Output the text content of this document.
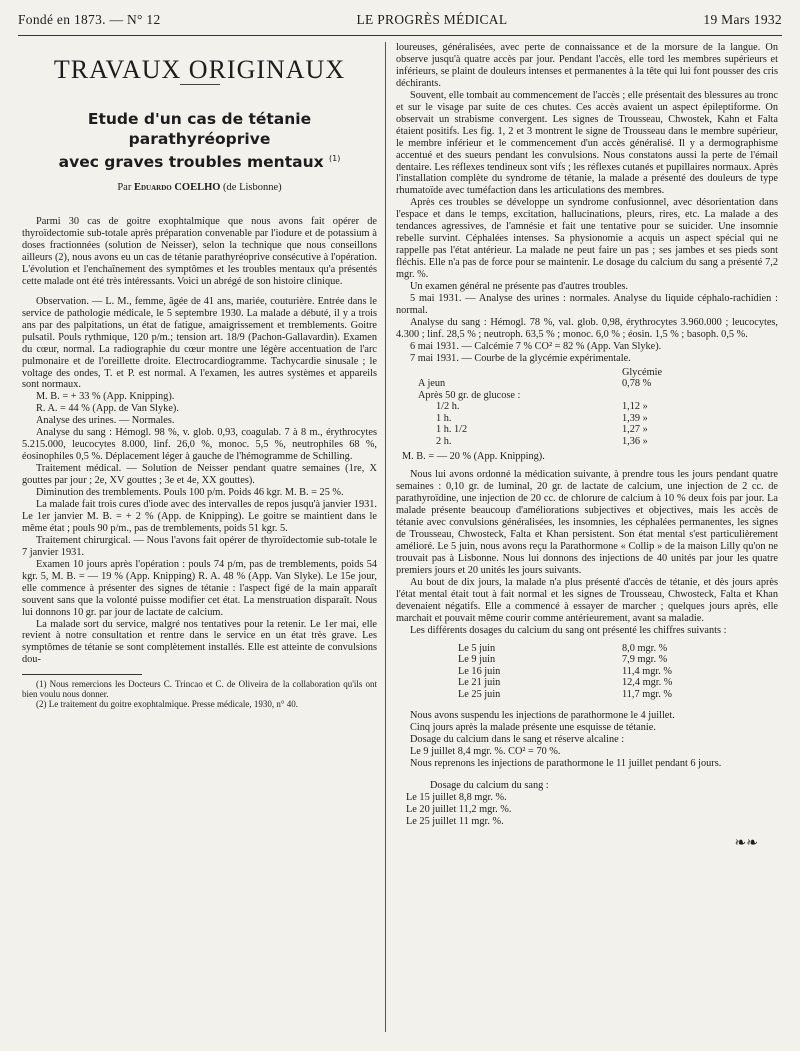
Fondé en 1873. — N° 12	LE PROGRÈS MÉDICAL	19 Mars 1932
TRAVAUX ORIGINAUX
Etude d'un cas de tétanie parathyréoprive
avec graves troubles mentaux $^{(1)}$
Par Eduardo COELHO (de Lisbonne)

Parmi 30 cas de goitre exophtalmique que nous avons fait opérer de thyroïdectomie sub-totale après préparation convenable par l'iodure et de potassium à doses fractionnées (solution de Neisser), selon la technique que nous conseillons ailleurs (2), nous avons eu un cas de tétanie parathyréoprive consécutive à l'opération. L'évolution et l'enchaînement des symptômes et les troubles mentaux qu'a présentés cette malade ont été très intéressants. Voici un abrégé de son histoire clinique.

Observation. — L. M., femme, âgée de 41 ans, mariée, couturière. Entrée dans le service de pathologie médicale, le 5 septembre 1930. La malade a débuté, il y a trois ans par des palpitations, un état de fatigue, amaigrissement et tremblements. Goitre pulsatil. Pouls rythmique, 120 p/m.; tension art. 18/9 (Pachon-Gallavardin). Examen du cœur, normal. La radiographie du cœur montre une légère accentuation de l'arc pulmonaire et de l'oreillette droite. Electrocardiogramme. Tachycardie sinusale ; le voltage des ondes, T. et P. est normal. A l'examen, les autres systèmes et appareils sont normaux.

M. B. = + 33 % (App. Knipping).

R. A. = 44 % (App. de Van Slyke).

Analyse des urines. — Normales.

Analyse du sang : Hémogl. 98 %, v. glob. 0,93, coagulab. 7 à 8 m., érythrocytes 5.215.000, leucocytes 8.000, linf. 26,0 %, monoc. 5,5 %, neutrophiles 68 %, éosinophiles 0,5 %. Déplacement léger à gauche de l'hémogramme de Schilling.

Traitement médical. — Solution de Neisser pendant quatre semaines (1re, X gouttes par jour ; 2e, XV gouttes ; 3e et 4e, XX gouttes).

Diminution des tremblements. Pouls 100 p/m. Poids 46 kgr. M. B. = 25 %.

La malade fait trois cures d'iode avec des intervalles de repos jusqu'à janvier 1931. Le 1er janvier M. B. = + 2 % (App. de Knipping). Le goitre se maintient dans le même état ; pouls 90 p/m., pas de tremblements, poids 51 kgr. 5.

Traitement chirurgical. — Nous l'avons fait opérer de thyroïdectomie sub-totale le 7 janvier 1931.

Examen 10 jours après l'opération : pouls 74 p/m, pas de tremblements, poids 54 kgr. 5, M. B. = — 19 % (App. Knipping) R. A. 48 % (App. Van Slyke). Le 15e jour, elle commence à présenter des signes de tétanie : l'aspect figé de la main apparaît souvent sans que la volonté puisse modifier cet état. La menstruation disparaît. Nous lui donnons 10 gr. par jour de lactate de calcium.

La malade sort du service, malgré nos tentatives pour la retenir. Le 1er mai, elle revient à notre consultation et rentre dans le service en un état très grave. Les symptômes de tétanie se sont complètement installés. Elle est atteinte de convulsions dou-

(1) Nous remercions les Docteurs C. Trincao et C. de Oliveira de la collaboration qu'ils ont bien voulu nous donner.

(2) Le traitement du goitre exophtalmique. Presse médicale, 1930, n° 40.

loureuses, généralisées, avec perte de connaissance et de la morsure de la langue. On observe jusqu'à quatre accès par jour. Pendant l'accès, elle tord les membres supérieurs et inférieurs, se plaint de douleurs intenses et permanentes à la tête qui lui font pousser des cris déchirants.

Souvent, elle tombait au commencement de l'accès ; elle présentait des blessures au tronc et sur le visage par suite de ces chutes. Ces accès avaient un aspect épileptiforme. On observait un strabisme convergent. Les signes de Trousseau, Chwostek, Kahn et Falta étaient positifs. Les fig. 1, 2 et 3 montrent le signe de Trousseau dans le membre supérieur, le membre inférieur et le commencement d'un accès généralisé. Il y a dermographisme accentué et des sueurs pendant les convulsions. Nous constatons aussi la perte de l'émail dentaire. Les réflexes tendineux sont vifs ; les réflexes cutanés et pupillaires normaux. Après l'installation complète du syndrome de tétanie, la malade a présenté des douleurs de type rhumatoïde avec tuméfaction dans les articulations des membres.

Après ces troubles se développe un syndrome confusionnel, avec désorientation dans l'espace et dans le temps, excitation, hallucinations, pleurs, rires, etc. La malade a des tendances agressives, de l'amnésie et fait une tentative pour se suicider. Une insomnie rebelle survint. Céphalées intenses. Sa physionomie a acquis un aspect spécial qui ne rappelle pas l'état antérieur. La malade ne peut faire un pas ; ses jambes et ses pieds sont fléchis. Elle n'a pas de force pour se maintenir. Le dosage du calcium du sang a présenté 7,2 mgr. %.

Un examen général ne présente pas d'autres troubles.

5 mai 1931. — Analyse des urines : normales. Analyse du liquide céphalo-rachidien : normal.

Analyse du sang : Hémogl. 78 %, val. glob. 0,98, érythrocytes 3.960.000 ; leucocytes, 4.300 ; linf. 28,5 % ; neutroph. 63,5 % ; monoc. 6,0 % ; éosin. 1,5 % ; basoph. 0,5 %.

6 mai 1931. — Calcémie 7 % CO² = 82 % (App. Van Slyke).

7 mai 1931. — Courbe de la glycémie expérimentale.

	Glycémie
A jeun	0,78 %
Après 50 gr. de glucose :	
1/2 h.	1,12 »
1 h.	1,39 »
1 h. 1/2	1,27 »
2 h.	1,36 »

M. B. = — 20 % (App. Knipping).

Nous lui avons ordonné la médication suivante, à prendre tous les jours pendant quatre semaines : 0,10 gr. de luminal, 20 gr. de lactate de calcium, une injection de 2 cc. de parathyroïdine, une injection de 20 cc. de chlorure de calcium à 10 % deux fois par jour. La malade présente beaucoup d'améliorations subjectives et objectives, mais les accès de tétanie avec convulsions généralisées, les insomnies, les céphalées permanentes, les signes de Trousseau, Chwosteck, Falta et Khan persistent. Son état mental s'est particulièrement amélioré. Le 5 juin, nous avons reçu la Parathormone « Collip » de la maison Lilly qu'on ne trouvait pas à Lisbonne. Nous lui donnons des injections de 40 unités par jour les quatre premiers jours et 20 unités les jours suivants.

Au bout de dix jours, la malade n'a plus présenté d'accès de tétanie, et dès jours après l'état mental était tout à fait normal et les signes de Trousseau, Chwosteck, Falta et Khan devenaient négatifs. Elle a commencé à essayer de marcher ; quelques jours après, elle marchait et pouvait même courir comme antérieurement, avant sa maladie.

Les différents dosages du calcium du sang ont présenté les chiffres suivants :

Le 5 juin	8,0 mgr. %
Le 9 juin	7,9 mgr. %
Le 16 juin	11,4 mgr. %
Le 21 juin	12,4 mgr. %
Le 25 juin	11,7 mgr. %

Nous avons suspendu les injections de parathormone le 4 juillet.

Cinq jours après la malade présente une esquisse de tétanie.

Dosage du calcium dans le sang et réserve alcaline :

Le 9 juillet 8,4 mgr. %. CO² = 70 %.

Nous reprenons les injections de parathormone le 11 juillet pendant 6 jours.

Dosage du calcium du sang :

Le 15 juillet 8,8 mgr. %.

Le 20 juillet 11,2 mgr. %.

Le 25 juillet 11 mgr. %.

❧❧
